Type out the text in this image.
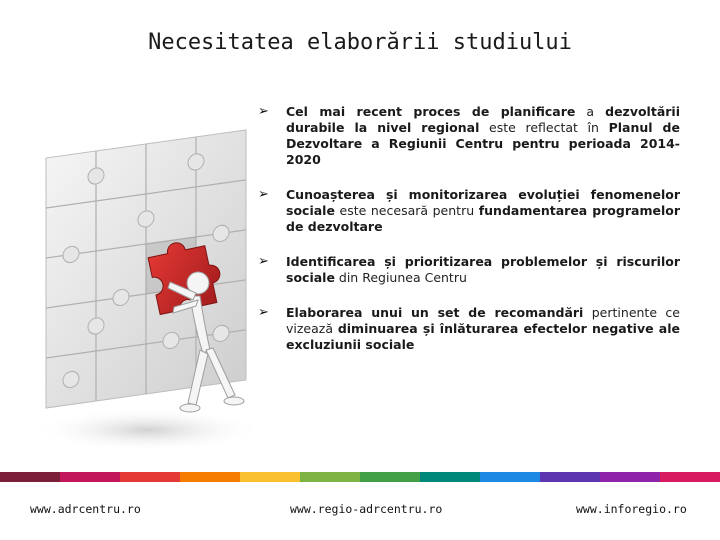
Necesitatea elaborării studiului
➢	Cel mai recent proces de planificare a dezvoltării durabile la nivel regional este reflectat în Planul de Dezvoltare a Regiunii Centru pentru perioada 2014-2020
➢	Cunoașterea și monitorizarea evoluției fenomenelor sociale este necesară pentru fundamentarea programelor de dezvoltare
➢	Identificarea și prioritizarea problemelor și riscurilor sociale din Regiunea Centru
➢	Elaborarea unui un set de recomandări pertinente ce vizează diminuarea și înlăturarea efectelor negative ale excluziunii sociale
www.adrcentru.ro	www.regio-adrcentru.ro	www.inforegio.ro
